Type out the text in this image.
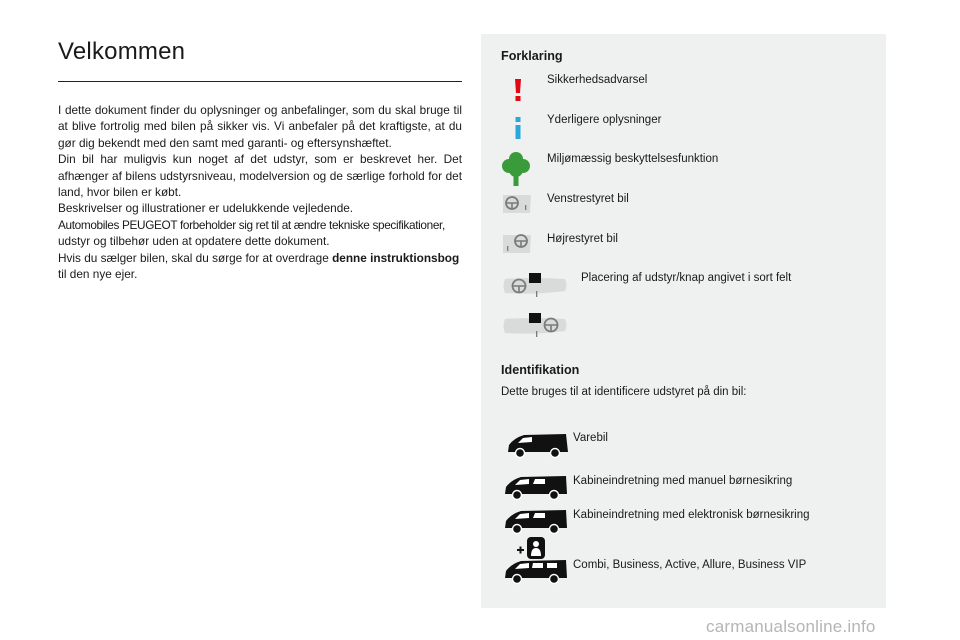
Velkommen
I dette dokument finder du oplysninger og anbefalinger, som du skal bruge til at blive fortrolig med bilen på sikker vis. Vi anbefaler på det kraftigste, at du gør dig bekendt med den samt med garanti- og eftersynshæftet.
Din bil har muligvis kun noget af det udstyr, som er beskrevet her. Det afhænger af bilens udstyrsniveau, modelversion og de særlige forhold for det land, hvor bilen er købt.
Beskrivelser og illustrationer er udelukkende vejledende.
Automobiles PEUGEOT forbeholder sig ret til at ændre tekniske specifikationer,
udstyr og tilbehør uden at opdatere dette dokument.
Hvis du sælger bilen, skal du sørge for at overdrage denne instruktionsbog
til den nye ejer.
Forklaring
Sikkerhedsadvarsel
Yderligere oplysninger
Miljømæssig beskyttelsesfunktion
Venstrestyret bil
Højrestyret bil
Placering af udstyr/knap angivet i sort felt
Identifikation
Dette bruges til at identificere udstyret på din bil:
Varebil
Kabineindretning med manuel børnesikring
Kabineindretning med elektronisk børnesikring
Combi, Business, Active, Allure, Business VIP
carmanualsonline.info
